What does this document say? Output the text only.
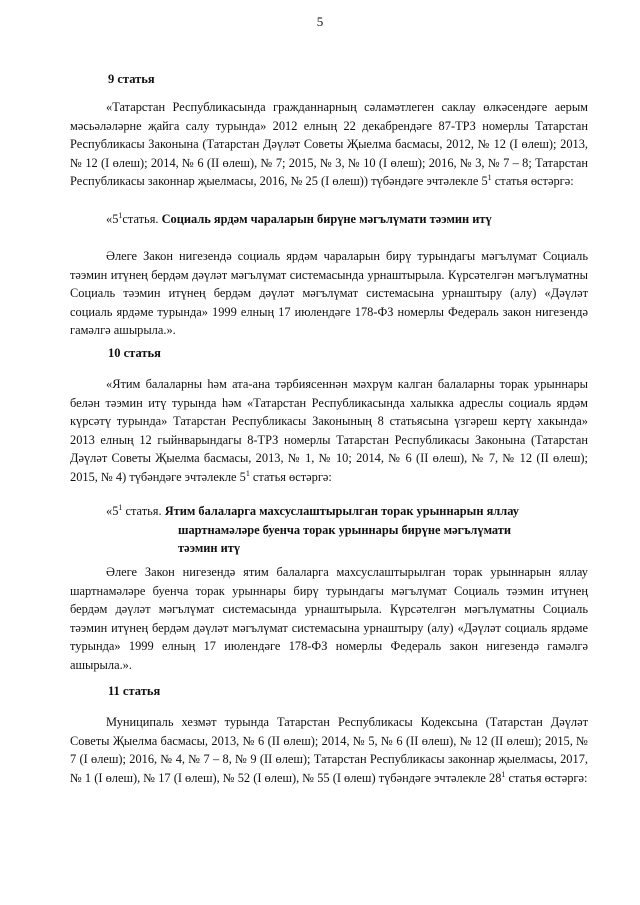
5
9 статья
«Татарстан Республикасында гражданнарның сәламәтлеген саклау өлкәсендәге аерым мәсьәләләрне җайга салу турында» 2012 елның 22 декабрендәге 87-ТРЗ номерлы Татарстан Республикасы Законына (Татарстан Дәүләт Советы Җыелма басмасы, 2012, № 12 (I өлеш); 2013, № 12 (I өлеш); 2014, № 6 (II өлеш), № 7; 2015, № 3, № 10 (I өлеш); 2016, № 3, № 7 – 8; Татарстан Республикасы законнар җыелмасы, 2016, № 25 (I өлеш)) түбәндәге эчтәлекле $5^1$ статья өстәргә:
«$5^1статья$. Социаль ярдәм чараларын бирүне мәгълүмати тәэмин итү
Әлеге Закон нигезендә социаль ярдәм чараларын бирү турындагы мәгълүмат Социаль тәэмин итүнең бердәм дәүләт мәгълүмат системасында урнаштырыла. Күрсәтелгән мәгълүматны Социаль тәэмин итүнең бердәм дәүләт мәгълүмат системасына урнаштыру (алу) «Дәүләт социаль ярдәме турында» 1999 елның 17 июлендәге 178-ФЗ номерлы Федераль закон нигезендә гамәлгә ашырыла.».
10 статья
«Ятим балаларны һәм ата-ана тәрбиясеннән мәхрүм калган балаларны торак урыннары белән тәэмин итү турында һәм «Татарстан Республикасында халыкка адреслы социаль ярдәм күрсәтү турында» Татарстан Республикасы Законының 8 статьясына үзгәреш кертү хакында» 2013 елның 12 гыйнварындагы 8-ТРЗ номерлы Татарстан Республикасы Законына (Татарстан Дәүләт Советы Җыелма басмасы, 2013, № 1, № 10; 2014, № 6 (II өлеш), № 7, № 12 (II өлеш); 2015, № 4) түбәндәге эчтәлекле $5^1$ статья өстәргә:
«$5^1$ статья. Ятим балаларга махсуслаштырылган торак урыннарын яллау
шартнамәләре буенча торак урыннары бирүне мәгълүмати
тәэмин итү
Әлеге Закон нигезендә ятим балаларга махсуслаштырылган торак урыннарын яллау шартнамәләре буенча торак урыннары бирү турындагы мәгълүмат Социаль тәэмин итүнең бердәм дәүләт мәгълүмат системасында урнаштырыла. Күрсәтелгән мәгълүматны Социаль тәэмин итүнең бердәм дәүләт мәгълүмат системасына урнаштыру (алу) «Дәүләт социаль ярдәме турында» 1999 елның 17 июлендәге 178-ФЗ номерлы Федераль закон нигезендә гамәлгә ашырыла.».
11 статья
Муниципаль хезмәт турында Татарстан Республикасы Кодексына (Татарстан Дәүләт Советы Җыелма басмасы, 2013, № 6 (II өлеш); 2014, № 5, № 6 (II өлеш), № 12 (II өлеш); 2015, № 7 (I өлеш); 2016, № 4, № 7 – 8, № 9 (II өлеш); Татарстан Республикасы законнар җыелмасы, 2017, № 1 (I өлеш), № 17 (I өлеш), № 52 (I өлеш), № 55 (I өлеш) түбәндәге эчтәлекле $28^1$ статья өстәргә:
